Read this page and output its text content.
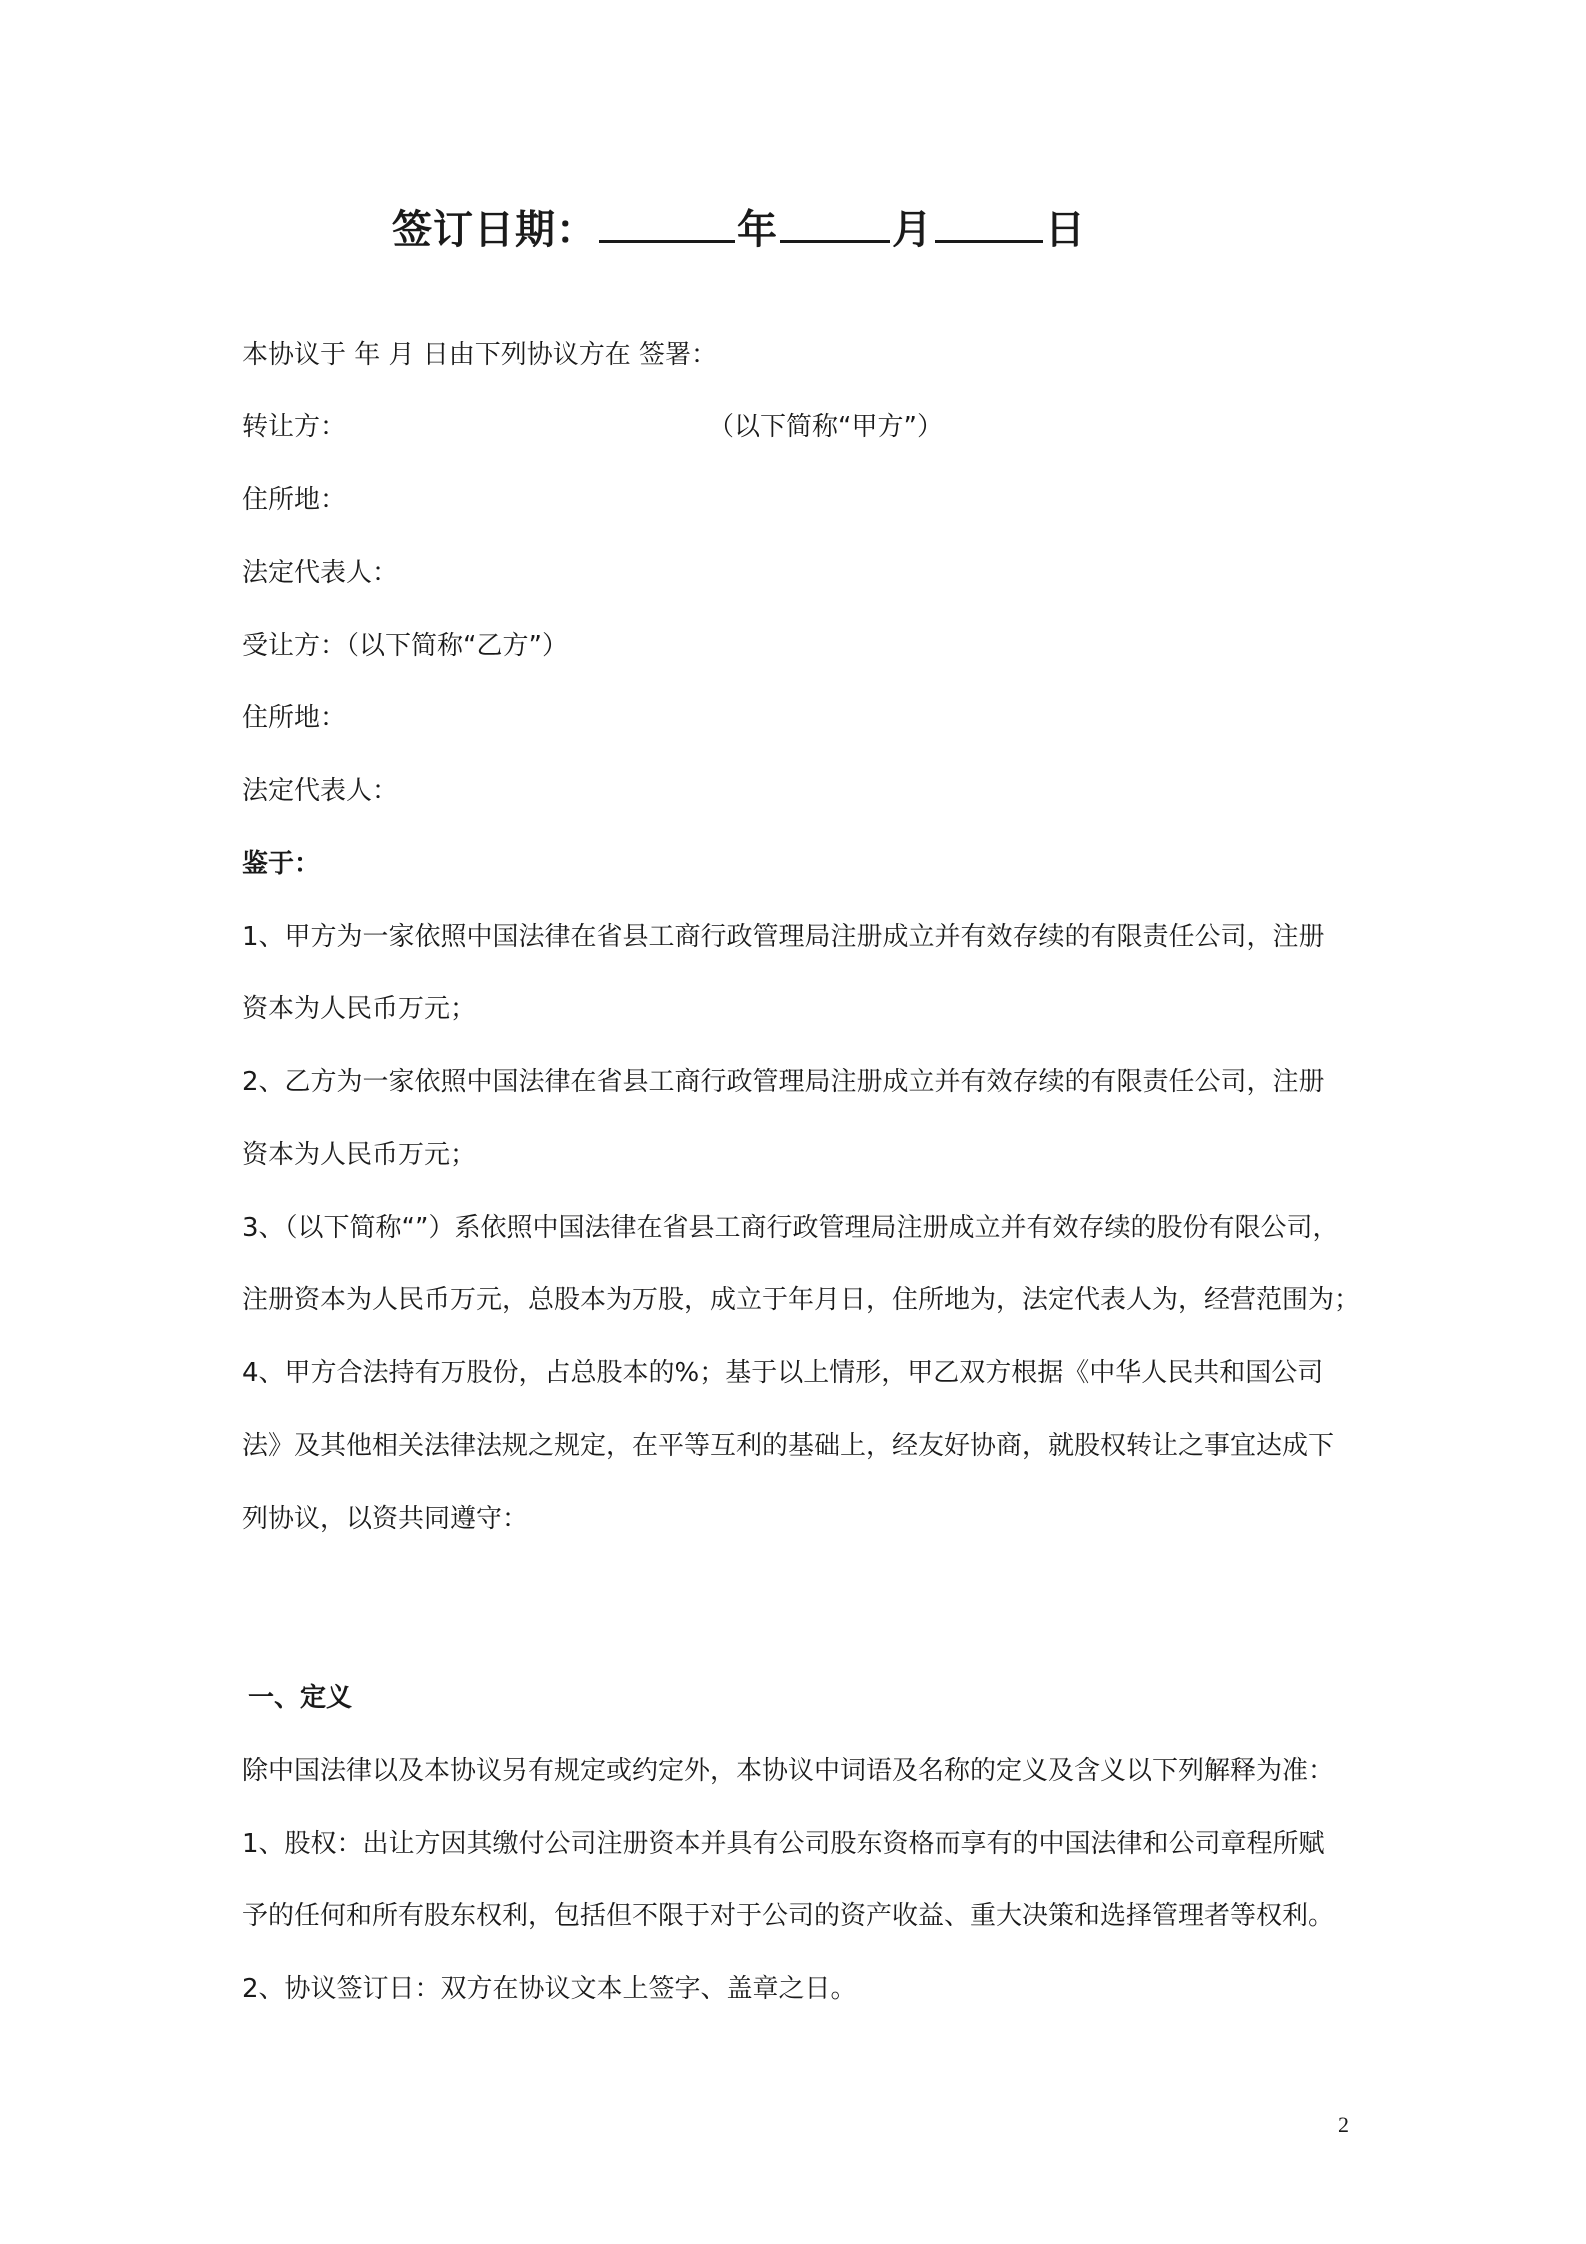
签订日期：	年	月	日
本协议于 年 月 日由下列协议方在 签署：
转让方：	（以下简称“甲方”）
住所地：
法定代表人：
受让方：（以下简称“乙方”）
住所地：
法定代表人：
鉴于：
1、甲方为一家依照中国法律在省县工商行政管理局注册成立并有效存续的有限责任公司，注册
资本为人民币万元；
2、乙方为一家依照中国法律在省县工商行政管理局注册成立并有效存续的有限责任公司，注册
资本为人民币万元；
3、（以下简称“”）系依照中国法律在省县工商行政管理局注册成立并有效存续的股份有限公司，
注册资本为人民币万元，总股本为万股，成立于年月日，住所地为，法定代表人为，经营范围为；
4、甲方合法持有万股份，占总股本的%；基于以上情形，甲乙双方根据《中华人民共和国公司
法》及其他相关法律法规之规定，在平等互利的基础上，经友好协商，就股权转让之事宜达成下
列协议，以资共同遵守：
一、定义
除中国法律以及本协议另有规定或约定外，本协议中词语及名称的定义及含义以下列解释为准：
1、股权：出让方因其缴付公司注册资本并具有公司股东资格而享有的中国法律和公司章程所赋
予的任何和所有股东权利，包括但不限于对于公司的资产收益、重大决策和选择管理者等权利。
2、协议签订日：双方在协议文本上签字、盖章之日。
2
